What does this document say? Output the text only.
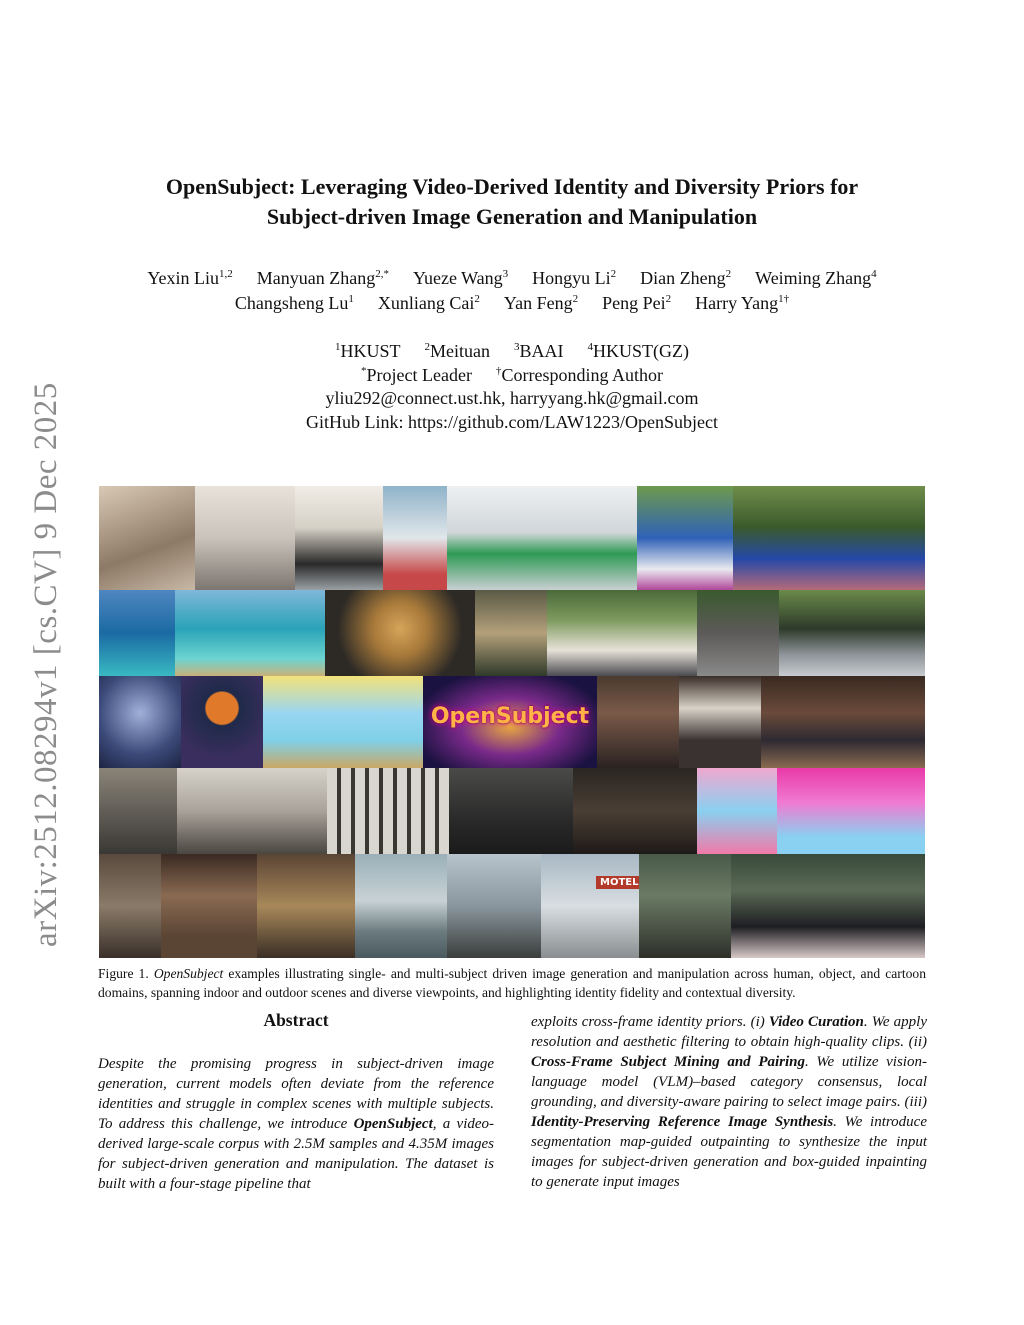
arXiv:2512.08294v1 [cs.CV] 9 Dec 2025
OpenSubject: Leveraging Video-Derived Identity and Diversity Priors for
Subject-driven Image Generation and Manipulation
Yexin Liu$^{1,2}$ Manyuan Zhang$^{2,*}$ Yueze Wang$^3$ Hongyu Li$^2$ Dian Zheng$^2$ Weiming Zhang$^4$
Changsheng Lu$^1$ Xunliang Cai$^2$ Yan Feng$^2$ Peng Pei$^2$ Harry Yang$^{1\dagger}$
$^1$HKUST $^2$Meituan $^3$BAAI $^4$HKUST(GZ)
*Project Leader †Corresponding Author
yliu292@connect.ust.hk, harryyang.hk@gmail.com
GitHub Link: https://github.com/LAW1223/OpenSubject
OpenSubject
MOTEL
Figure 1. OpenSubject examples illustrating single- and multi-subject driven image generation and manipulation across human, object, and cartoon domains, spanning indoor and outdoor scenes and diverse viewpoints, and highlighting identity fidelity and contextual diversity.
Abstract
Despite the promising progress in subject-driven image generation, current models often deviate from the reference identities and struggle in complex scenes with multiple subjects. To address this challenge, we introduce OpenSubject, a video-derived large-scale corpus with 2.5M samples and 4.35M images for subject-driven generation and manipulation. The dataset is built with a four-stage pipeline that
exploits cross-frame identity priors. (i) Video Curation. We apply resolution and aesthetic filtering to obtain high-quality clips. (ii) Cross-Frame Subject Mining and Pairing. We utilize vision-language model (VLM)–based category consensus, local grounding, and diversity-aware pairing to select image pairs. (iii) Identity-Preserving Reference Image Synthesis. We introduce segmentation map-guided outpainting to synthesize the input images for subject-driven generation and box-guided inpainting to generate input images
